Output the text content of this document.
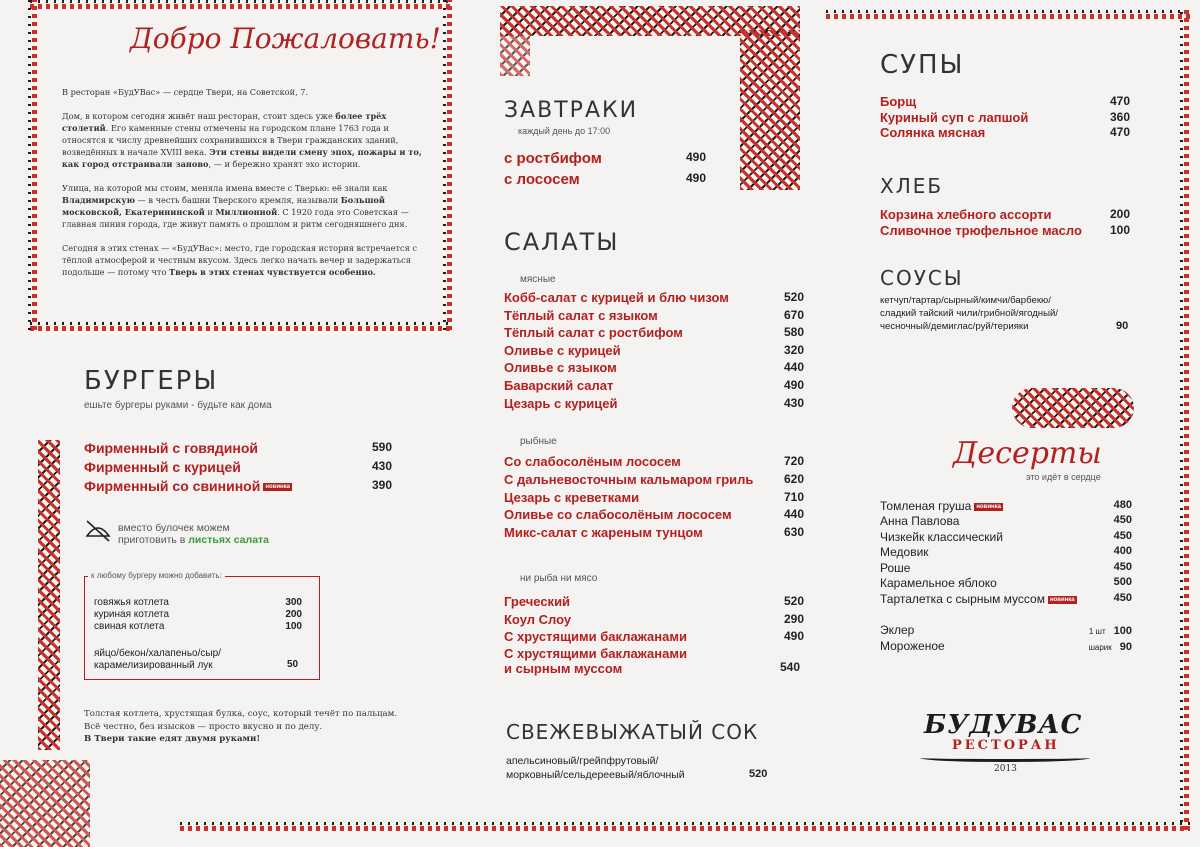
Добро Пожаловать!

В ресторан «БудУВас» — сердце Твери, на Советской, 7.

Дом, в котором сегодня живёт наш ресторан, стоит здесь уже более трёх столетий. Его каменные стены отмечены на городском плане 1763 года и относятся к числу древнейших сохранившихся в Твери гражданских зданий, возведённых в начале XVIII века. Эти стены видели смену эпох, пожары и то, как город отстраивали заново, — и бережно хранят эхо истории.

Улица, на которой мы стоим, меняла имена вместе с Тверью: её знали как Владимирскую — в честь башни Тверского кремля, называли Большой московской, Екатерининской и Миллионной. С 1920 года это Советская — главная линия города, где живут память о прошлом и ритм сегодняшнего дня.

Сегодня в этих стенах — «БудУВас»: место, где городская история встречается с тёплой атмосферой и честным вкусом. Здесь легко начать вечер и задержаться подольше — потому что Тверь в этих стенах чувствуется особенно.

БУРГЕРЫ
ешьте бургеры руками - будьте как дома
Фирменный с говядиной	590
Фирменный с курицей	430
Фирменный со свининой новинка	390
вместо булочек можем
приготовить в листьях салата
к любому бургеру можно добавить:
говяжья котлета	300
куриная котлета	200
свиная котлета	100
яйцо/бекон/халапеньо/сыр/
карамелизированный лук	50
Толстая котлета, хрустящая булка, соус, который течёт по пальцам.
Всё честно, без изысков — просто вкусно и по делу.
В Твери такие едят двумя руками!
ЗАВТРАКИ
каждый день до 17:00
с ростбифом	490
с лососем	490
САЛАТЫ
мясные
Кобб-салат с курицей и блю чизом	520
Тёплый салат с языком	670
Тёплый салат с ростбифом	580
Оливье с курицей	320
Оливье с языком	440
Баварский салат	490
Цезарь с курицей	430
рыбные
Со слабосолёным лососем	720
С дальневосточным кальмаром гриль	620
Цезарь с креветками	710
Оливье со слабосолёным лососем	440
Микс-салат с жареным тунцом	630
ни рыба ни мясо
Греческий	520
Коул Слоу	290
С хрустящими баклажанами	490
С хрустящими баклажанами
и сырным муссом	540
СВЕЖЕВЫЖАТЫЙ СОК
апельсиновый/грейпфрутовый/
морковный/сельдереевый/яблочный	520
СУПЫ
Борщ	470
Куриный суп с лапшой	360
Солянка мясная	470
ХЛЕБ
Корзина хлебного ассорти	200
Сливочное трюфельное масло 100
СОУСЫ
кетчуп/тартар/сырный/кимчи/барбекю/
сладкий тайский чили/грибной/ягодный/
чесночный/демиглас/руй/терияки	90
Десерты
это идёт в сердце
Томленая груша новинка	480
Анна Павлова	450
Чизкейк классический	450
Медовик	400
Роше	450
Карамельное яблоко	500
Тарталетка с сырным муссом новинка	450
Эклер	1 шт 100
Мороженое	шарик 90
БУДУВАС
РЕСТОРАН
2013
